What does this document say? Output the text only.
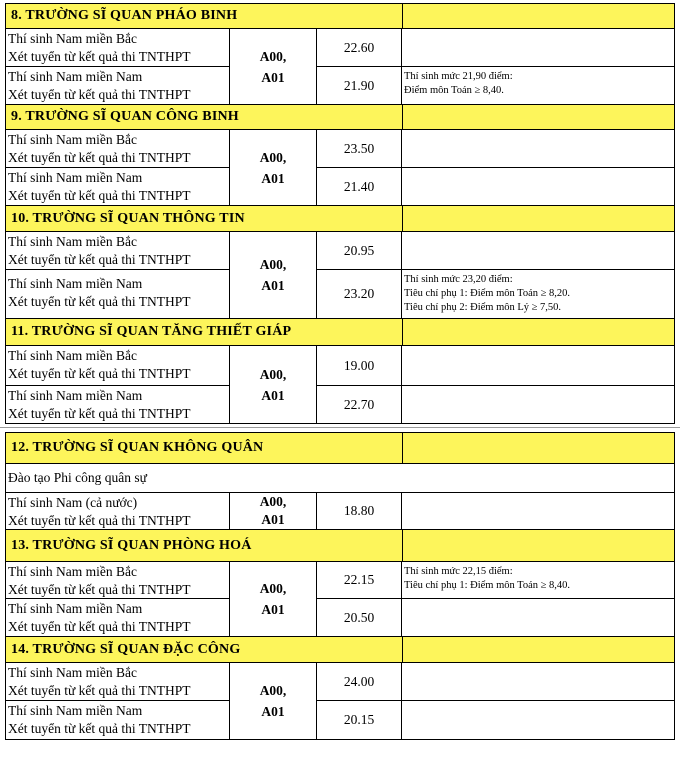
8. TRƯỜNG SĨ QUAN PHÁO BINH
Thí sinh Nam miền Bắc
Xét tuyển từ kết quả thi TNTHPT
Thí sinh Nam miền Nam
Xét tuyển từ kết quả thi TNTHPT
A00,
A01
22.60
21.90
Thí sinh mức 21,90 điểm:
Điểm môn Toán ≥ 8,40.
9. TRƯỜNG SĨ QUAN CÔNG BINH
Thí sinh Nam miền Bắc
Xét tuyển từ kết quả thi TNTHPT
Thí sinh Nam miền Nam
Xét tuyển từ kết quả thi TNTHPT
A00,
A01
23.50
21.40
10. TRƯỜNG SĨ QUAN THÔNG TIN
Thí sinh Nam miền Bắc
Xét tuyển từ kết quả thi TNTHPT
Thí sinh Nam miền Nam
Xét tuyển từ kết quả thi TNTHPT
A00,
A01
20.95
23.20
Thí sinh mức 23,20 điểm:
Tiêu chí phụ 1: Điểm môn Toán ≥ 8,20.
Tiêu chí phụ 2: Điểm môn Lý ≥ 7,50.
11. TRƯỜNG SĨ QUAN TĂNG THIẾT GIÁP
Thí sinh Nam miền Bắc
Xét tuyển từ kết quả thi TNTHPT
Thí sinh Nam miền Nam
Xét tuyển từ kết quả thi TNTHPT
A00,
A01
19.00
22.70
12. TRƯỜNG SĨ QUAN KHÔNG QUÂN
Đào tạo Phi công quân sự
Thí sinh Nam (cả nước)
Xét tuyển từ kết quả thi TNTHPT
A00,
A01
18.80
13. TRƯỜNG SĨ QUAN PHÒNG HOÁ
Thí sinh Nam miền Bắc
Xét tuyển từ kết quả thi TNTHPT
Thí sinh Nam miền Nam
Xét tuyển từ kết quả thi TNTHPT
A00,
A01
22.15
20.50
Thí sinh mức 22,15 điểm:
Tiêu chí phụ 1: Điểm môn Toán ≥ 8,40.
14. TRƯỜNG SĨ QUAN ĐẶC CÔNG
Thí sinh Nam miền Bắc
Xét tuyển từ kết quả thi TNTHPT
Thí sinh Nam miền Nam
Xét tuyển từ kết quả thi TNTHPT
A00,
A01
24.00
20.15
